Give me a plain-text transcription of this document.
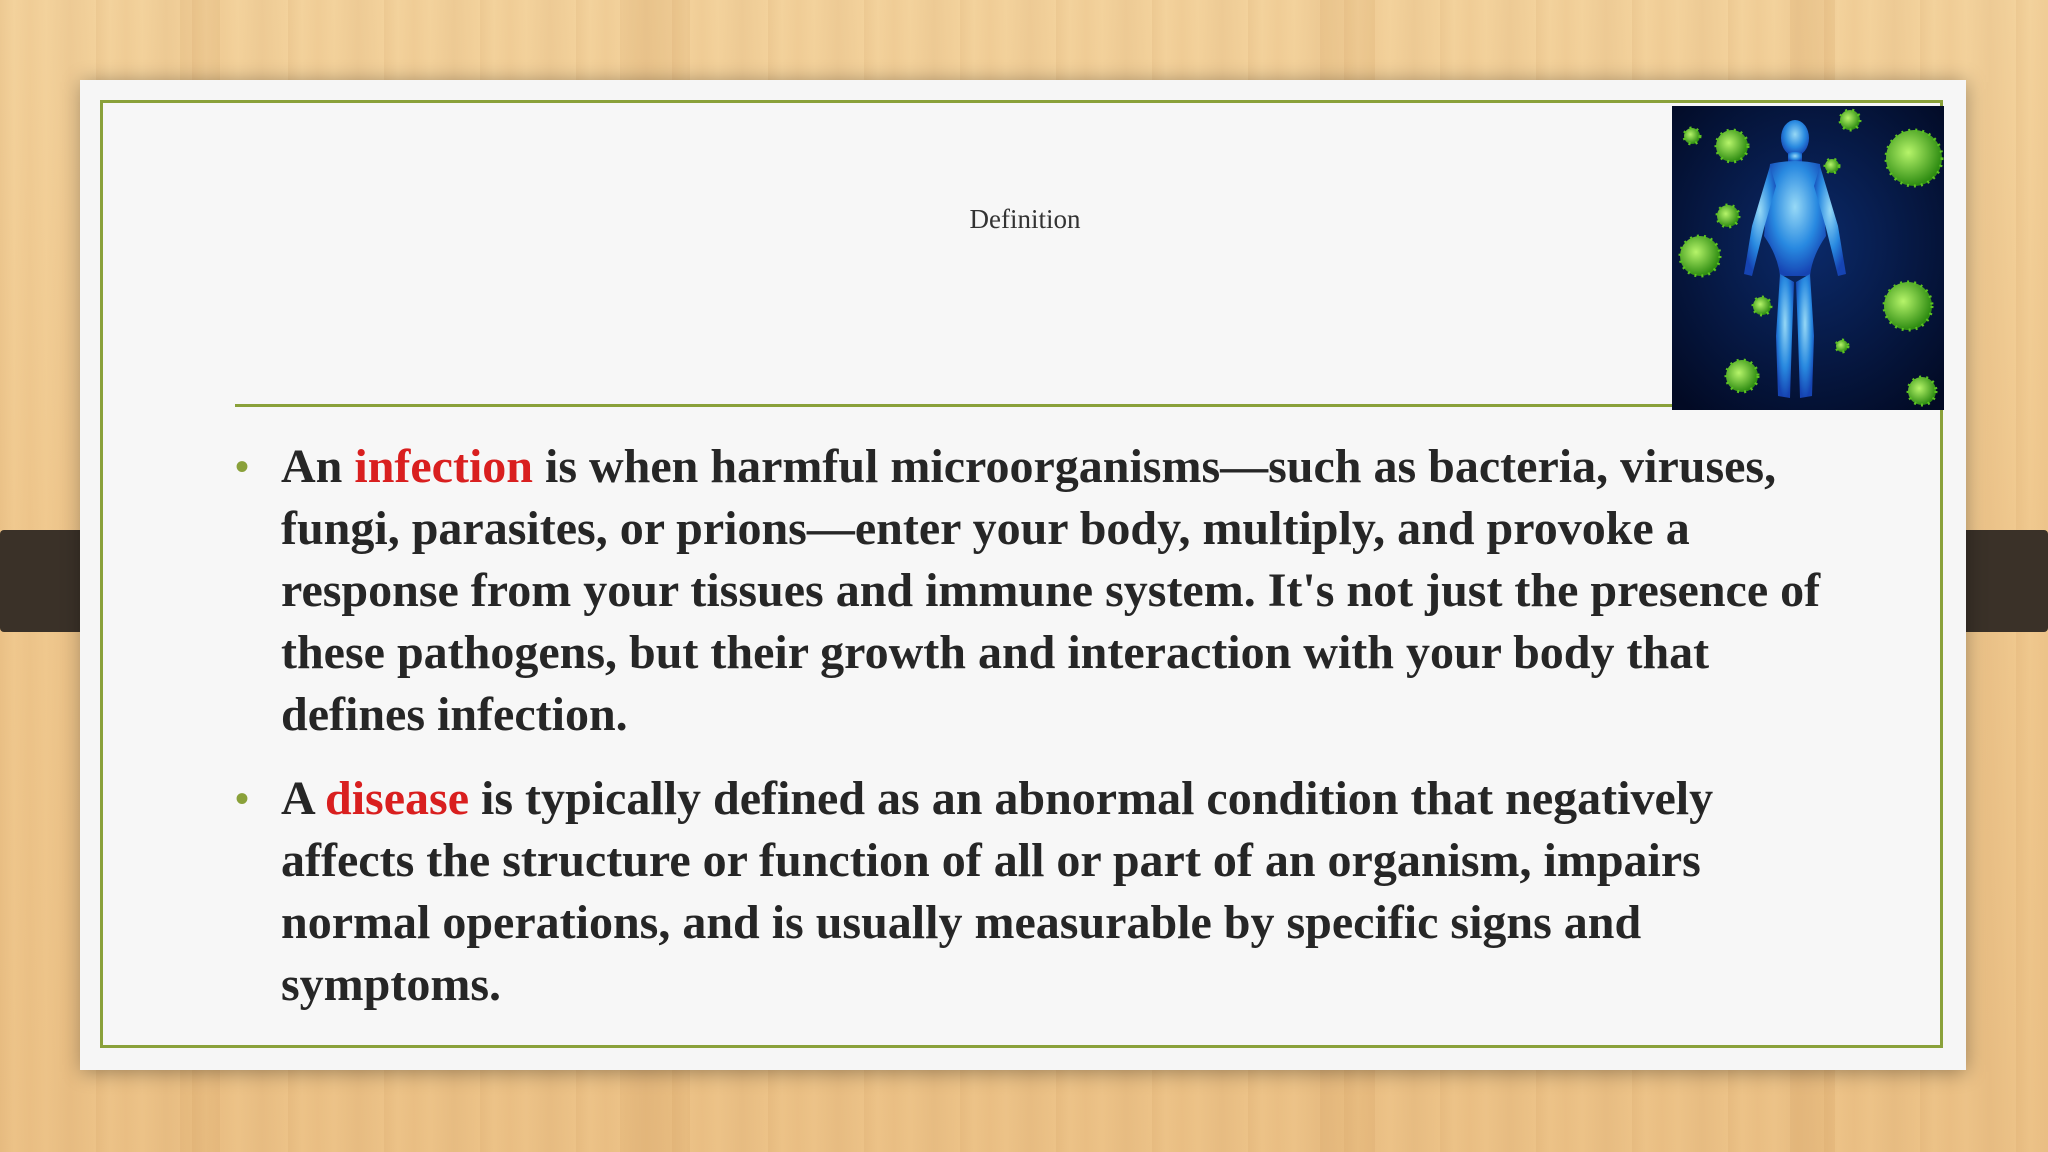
Definition
• An infection is when harmful microorganisms—such as bacteria, viruses, fungi, parasites, or prions—enter your body, multiply, and provoke a response from your tissues and immune system. It's not just the presence of these pathogens, but their growth and interaction with your body that defines infection.
• A disease is typically defined as an abnormal condition that negatively affects the structure or function of all or part of an organism, impairs normal operations, and is usually measurable by specific signs and symptoms.
